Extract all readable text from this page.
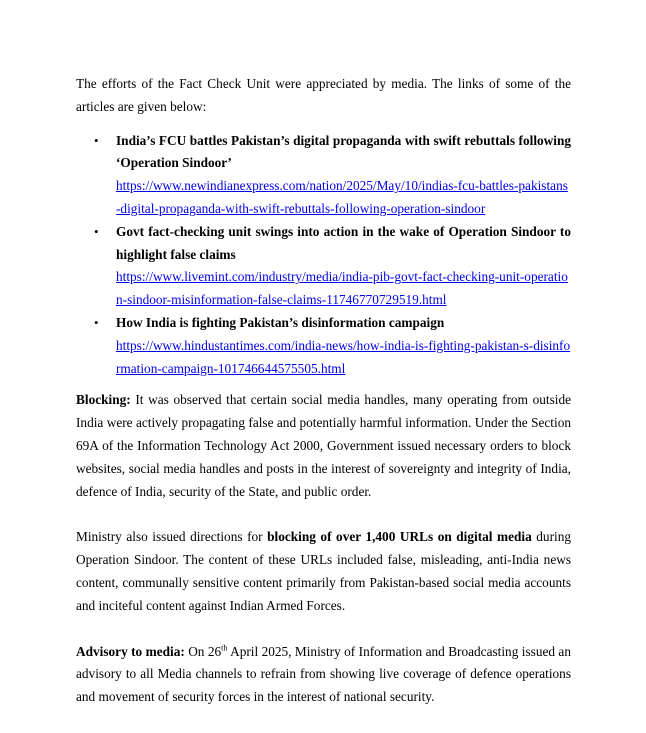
The efforts of the Fact Check Unit were appreciated by media. The links of some of the articles are given below:

• India’s FCU battles Pakistan’s digital propaganda with swift rebuttals following ‘Operation Sindoor’
https://www.newindianexpress.com/nation/2025/May/10/indias-fcu-battles-pakistans-digital-propaganda-with-swift-rebuttals-following-operation-sindoor
• Govt fact-checking unit swings into action in the wake of Operation Sindoor to highlight false claims
https://www.livemint.com/industry/media/india-pib-govt-fact-checking-unit-operation-sindoor-misinformation-false-claims-11746770729519.html
• How India is fighting Pakistan’s disinformation campaign
https://www.hindustantimes.com/india-news/how-india-is-fighting-pakistan-s-disinformation-campaign-101746644575505.html

Blocking: It was observed that certain social media handles, many operating from outside India were actively propagating false and potentially harmful information. Under the Section 69A of the Information Technology Act 2000, Government issued necessary orders to block websites, social media handles and posts in the interest of sovereignty and integrity of India, defence of India, security of the State, and public order.

Ministry also issued directions for blocking of over 1,400 URLs on digital media during Operation Sindoor. The content of these URLs included false, misleading, anti-India news content, communally sensitive content primarily from Pakistan-based social media accounts and inciteful content against Indian Armed Forces.

Advisory to media: On 26th April 2025, Ministry of Information and Broadcasting issued an advisory to all Media channels to refrain from showing live coverage of defence operations and movement of security forces in the interest of national security.
